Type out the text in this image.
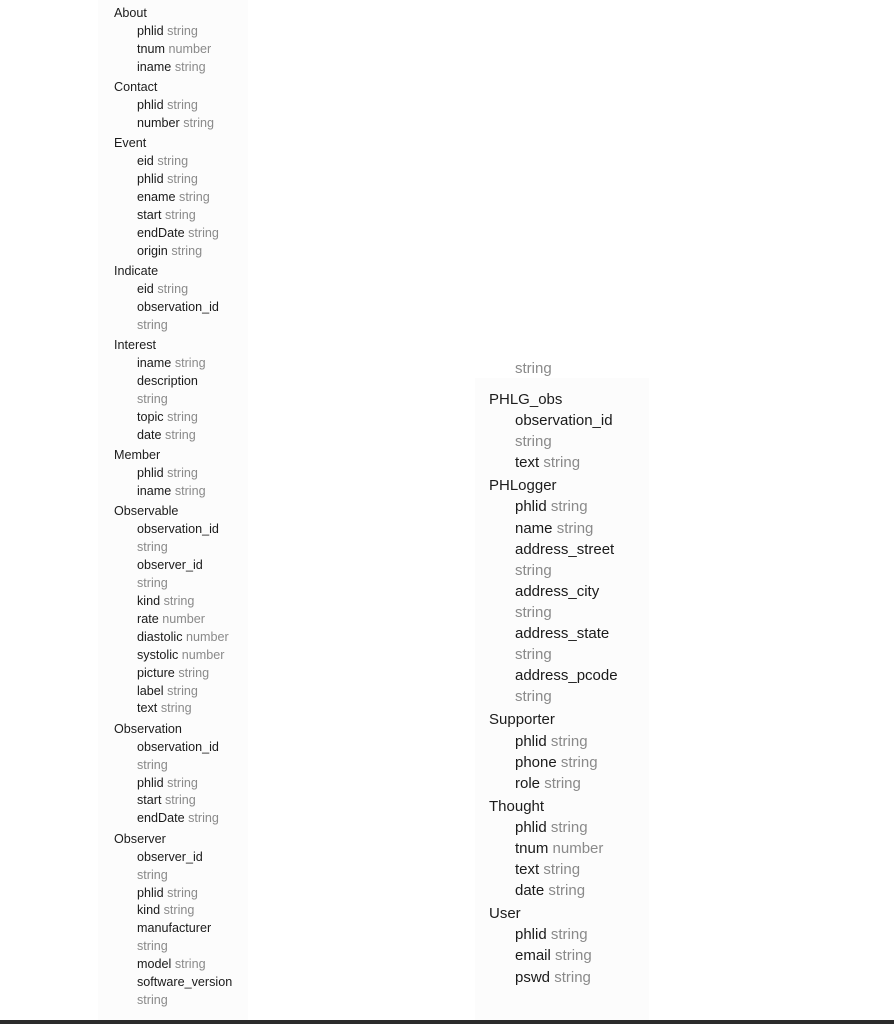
About
phlid string
tnum number
iname string
Contact
phlid string
number string
Event
eid string
phlid string
ename string
start string
endDate string
origin string
Indicate
eid string
observation_id
string
Interest
iname string
description
string
topic string
date string
Member
phlid string
iname string
Observable
observation_id
string
observer_id
string
kind string
rate number
diastolic number
systolic number
picture string
label string
text string
Observation
observation_id
string
phlid string
start string
endDate string
Observer
observer_id
string
phlid string
kind string
manufacturer
string
model string
software_version
string
string
PHLG_obs
observation_id
string
text string
PHLogger
phlid string
name string
address_street
string
address_city
string
address_state
string
address_pcode
string
Supporter
phlid string
phone string
role string
Thought
phlid string
tnum number
text string
date string
User
phlid string
email string
pswd string
